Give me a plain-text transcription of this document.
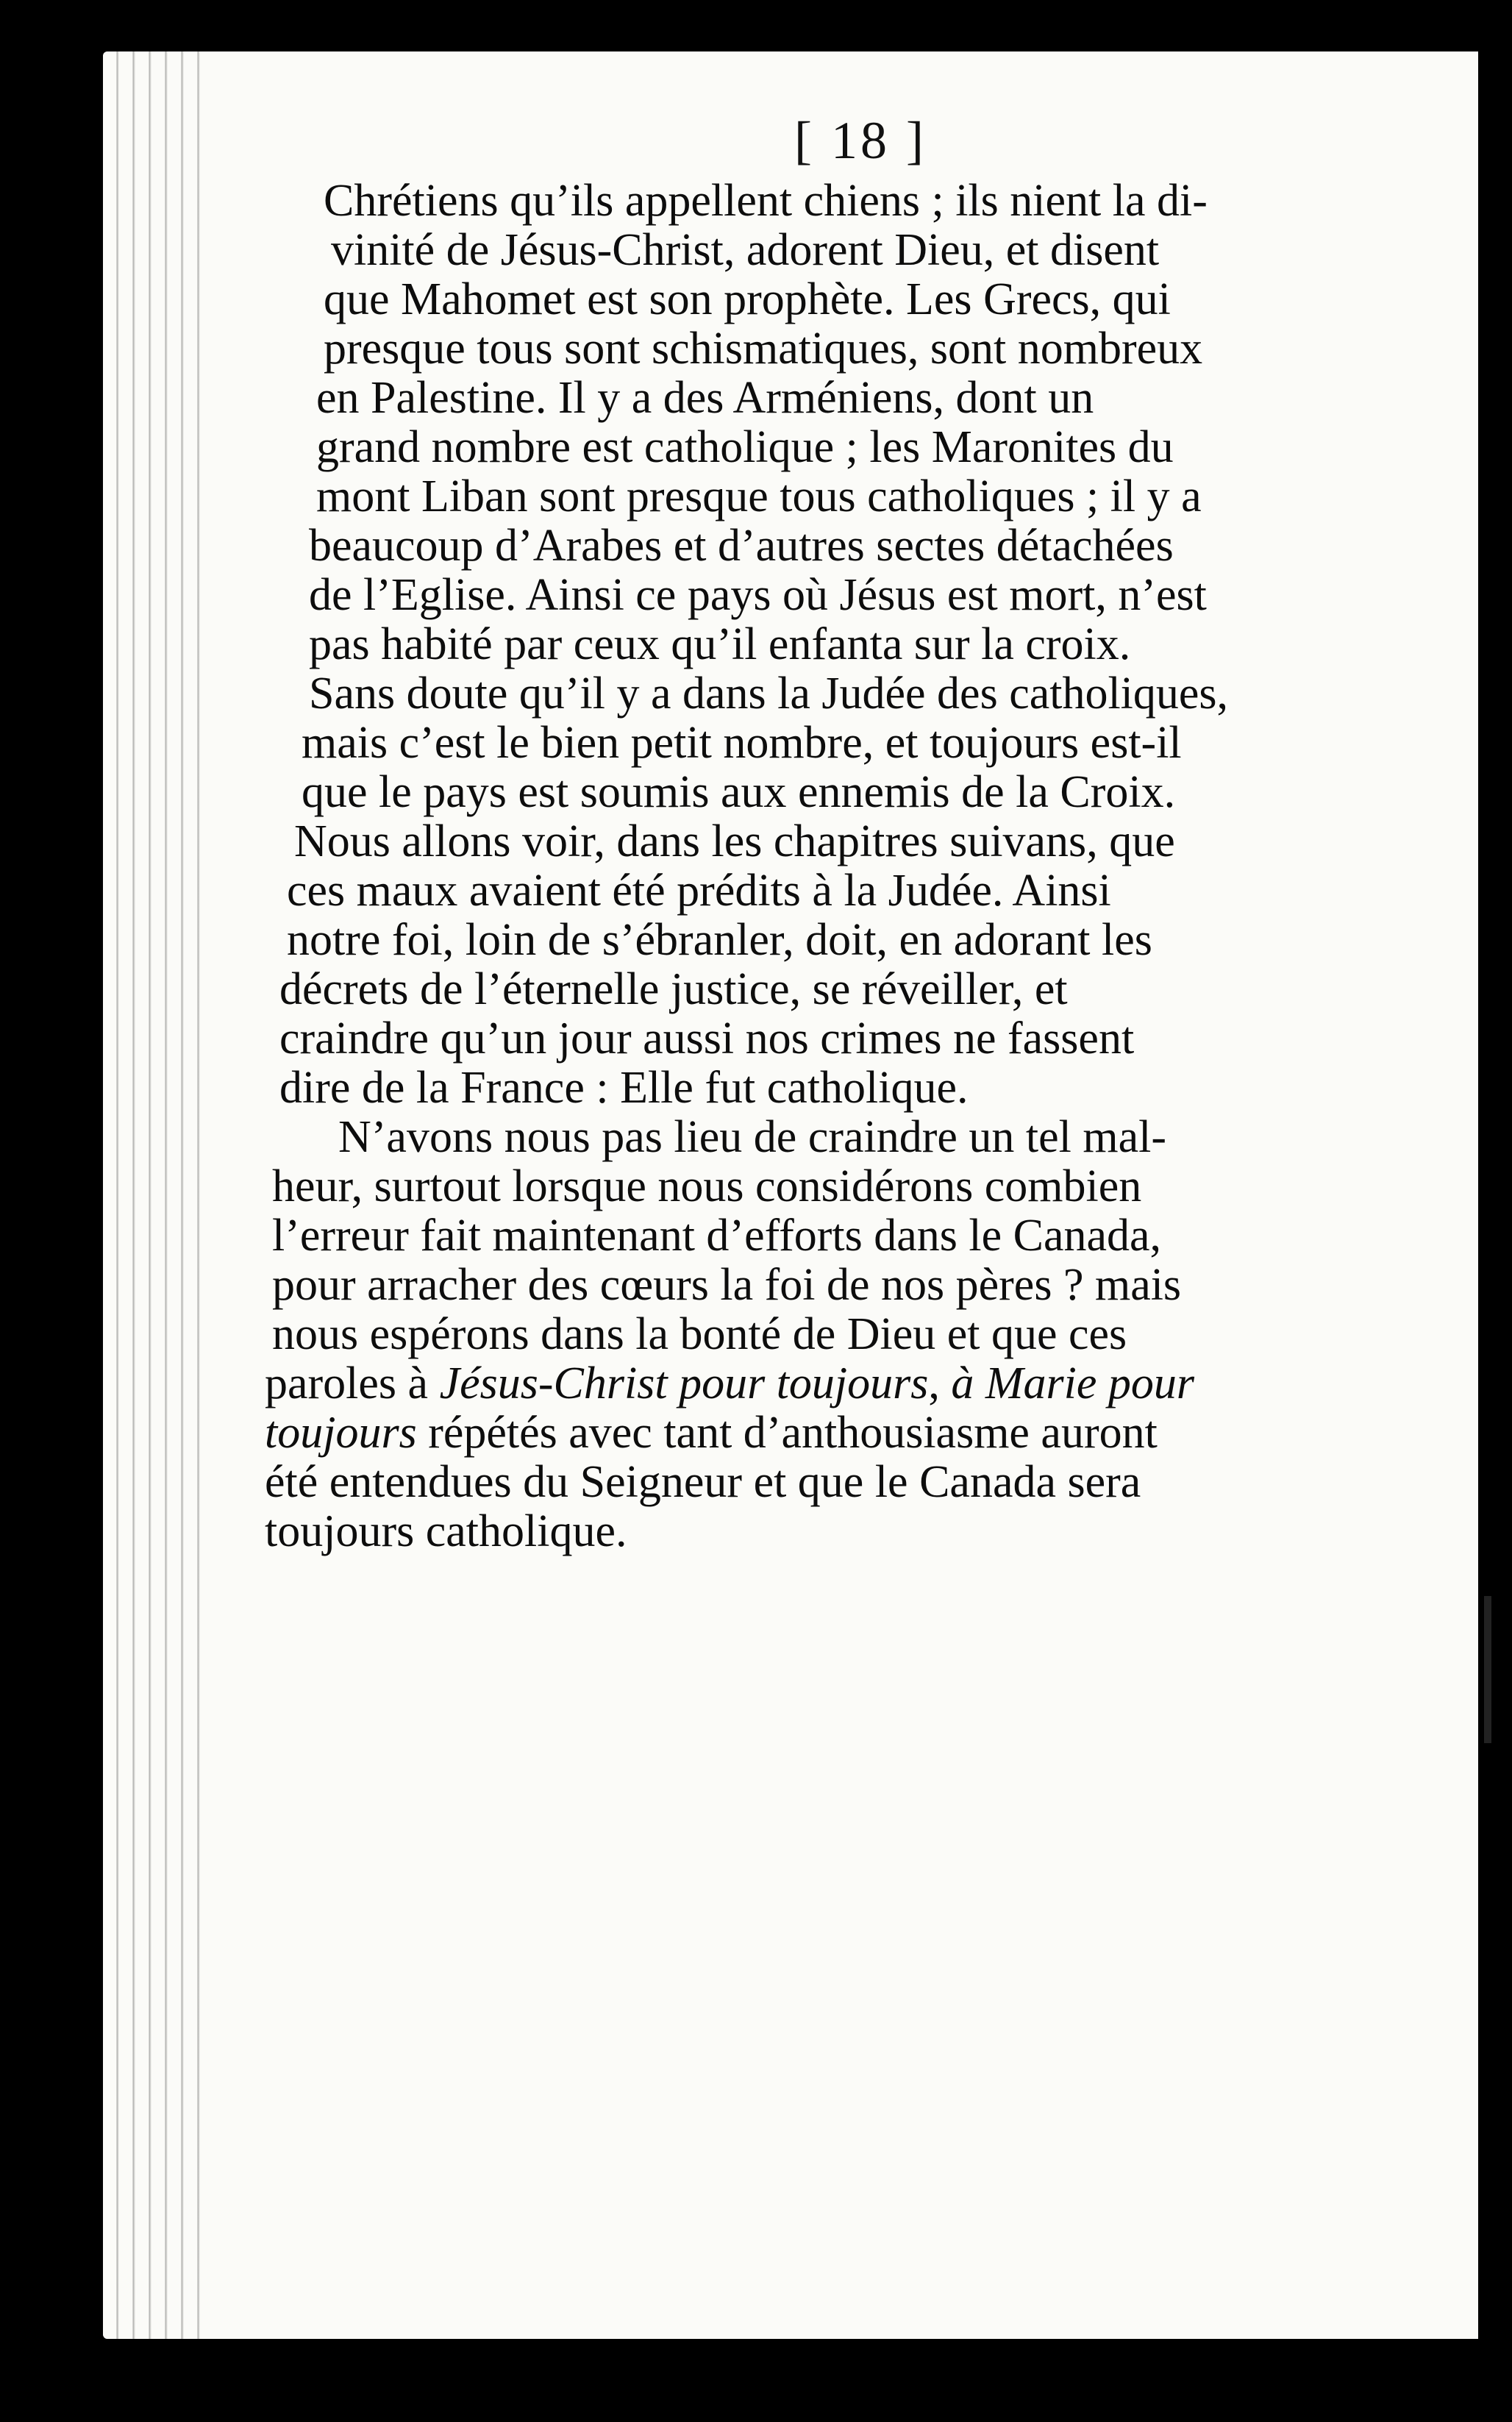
[ 18 ]
Chrétiens qu’ils appellent chiens ; ils nient la di-
vinité de Jésus-Christ, adorent Dieu, et disent
que Mahomet est son prophète. Les Grecs, qui
presque tous sont schismatiques, sont nombreux
en Palestine. Il y a des Arméniens, dont un
grand nombre est catholique ; les Maronites du
mont Liban sont presque tous catholiques ; il y a
beaucoup d’Arabes et d’autres sectes détachées
de l’Eglise. Ainsi ce pays où Jésus est mort, n’est
pas habité par ceux qu’il enfanta sur la croix.
Sans doute qu’il y a dans la Judée des catholiques,
mais c’est le bien petit nombre, et toujours est-il
que le pays est soumis aux ennemis de la Croix.
Nous allons voir, dans les chapitres suivans, que
ces maux avaient été prédits à la Judée. Ainsi
notre foi, loin de s’ébranler, doit, en adorant les
décrets de l’éternelle justice, se réveiller, et
craindre qu’un jour aussi nos crimes ne fassent
dire de la France : Elle fut catholique.
N’avons nous pas lieu de craindre un tel mal-
heur, surtout lorsque nous considérons combien
l’erreur fait maintenant d’efforts dans le Canada,
pour arracher des cœurs la foi de nos pères ? mais
nous espérons dans la bonté de Dieu et que ces
paroles à Jésus-Christ pour toujours, à Marie pour
toujours répétés avec tant d’anthousiasme auront
été entendues du Seigneur et que le Canada sera
toujours catholique.
